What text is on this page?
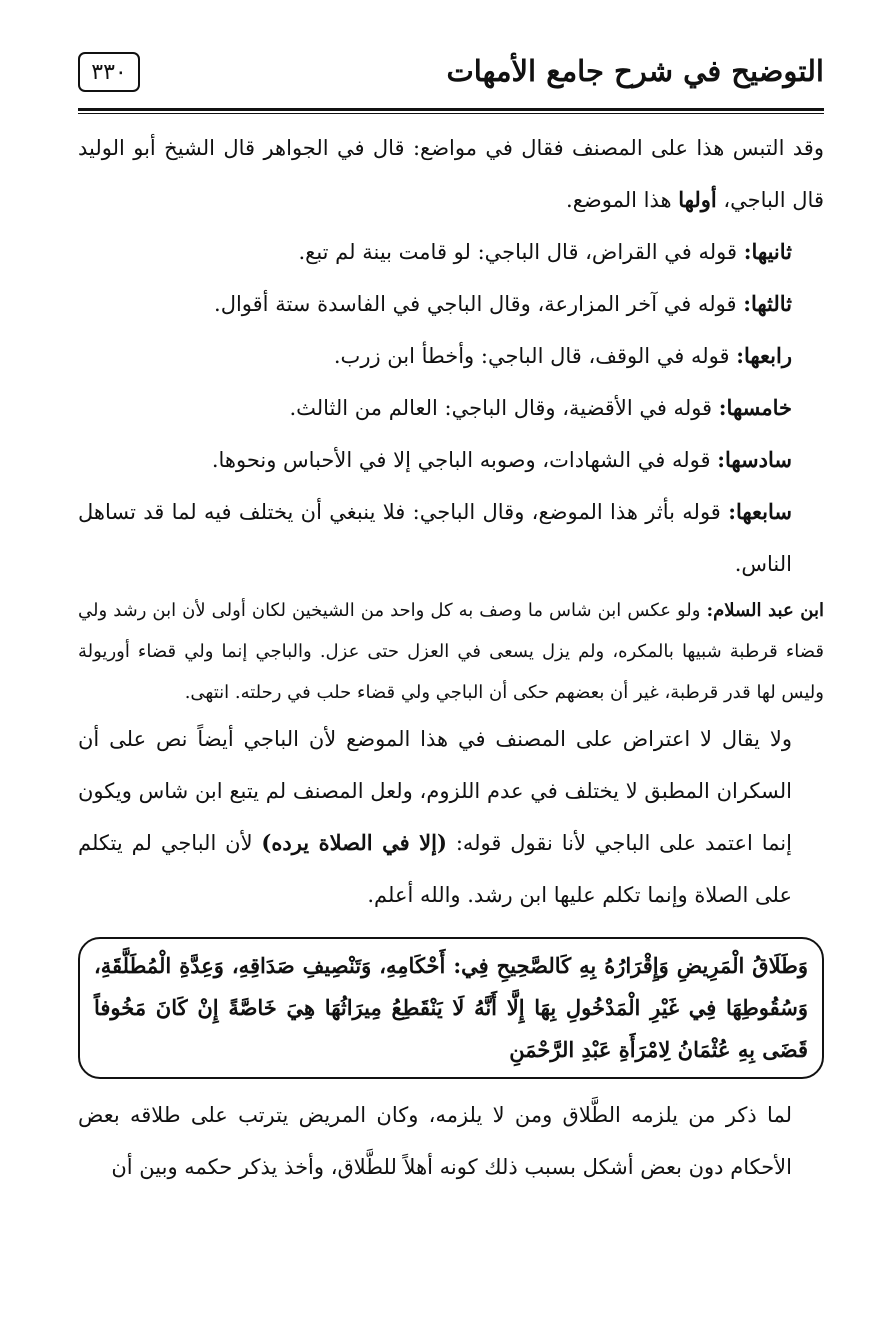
التوضيح في شرح جامع الأمهات
٣٣٠

وقد التبس هذا على المصنف فقال في مواضع: قال في الجواهر قال الشيخ أبو الوليد قال الباجي، أولها هذا الموضع.

ثانيها: قوله في القراض، قال الباجي: لو قامت بينة لم تبع.

ثالثها: قوله في آخر المزارعة، وقال الباجي في الفاسدة ستة أقوال.

رابعها: قوله في الوقف، قال الباجي: وأخطأ ابن زرب.

خامسها: قوله في الأقضية، وقال الباجي: العالم من الثالث.

سادسها: قوله في الشهادات، وصوبه الباجي إلا في الأحباس ونحوها.

سابعها: قوله بأثر هذا الموضع، وقال الباجي: فلا ينبغي أن يختلف فيه لما قد تساهل الناس.

ابن عبد السلام: ولو عكس ابن شاس ما وصف به كل واحد من الشيخين لكان أولى لأن ابن رشد ولي قضاء قرطبة شبيها بالمكره، ولم يزل يسعى في العزل حتى عزل. والباجي إنما ولي قضاء أوريولة وليس لها قدر قرطبة، غير أن بعضهم حكى أن الباجي ولي قضاء حلب في رحلته. انتهى.

ولا يقال لا اعتراض على المصنف في هذا الموضع لأن الباجي أيضاً نص على أن السكران المطبق لا يختلف في عدم اللزوم، ولعل المصنف لم يتبع ابن شاس ويكون إنما اعتمد على الباجي لأنا نقول قوله: (إلا في الصلاة يرده) لأن الباجي لم يتكلم على الصلاة وإنما تكلم عليها ابن رشد. والله أعلم.

وَطَلَاقُ الْمَرِيضِ وَإِقْرَارُهُ بِهِ كَالصَّحِيحِ فِي: أَحْكَامِهِ، وَتَنْصِيفِ صَدَاقِهِ، وَعِدَّةِ الْمُطَلَّقَةِ، وَسُقُوطِهَا فِي غَيْرِ الْمَدْخُولِ بِهَا إِلَّا أَنَّهُ لَا يَنْقَطِعُ مِيرَاثُهَا هِيَ خَاصَّةً إِنْ كَانَ مَخُوفاً قَضَى بِهِ عُثْمَانُ لِامْرَأَةِ عَبْدِ الرَّحْمَنِ

لما ذكر من يلزمه الطَّلاق ومن لا يلزمه، وكان المريض يترتب على طلاقه بعض الأحكام دون بعض أشكل بسبب ذلك كونه أهلاً للطَّلاق، وأخذ يذكر حكمه وبين أن
